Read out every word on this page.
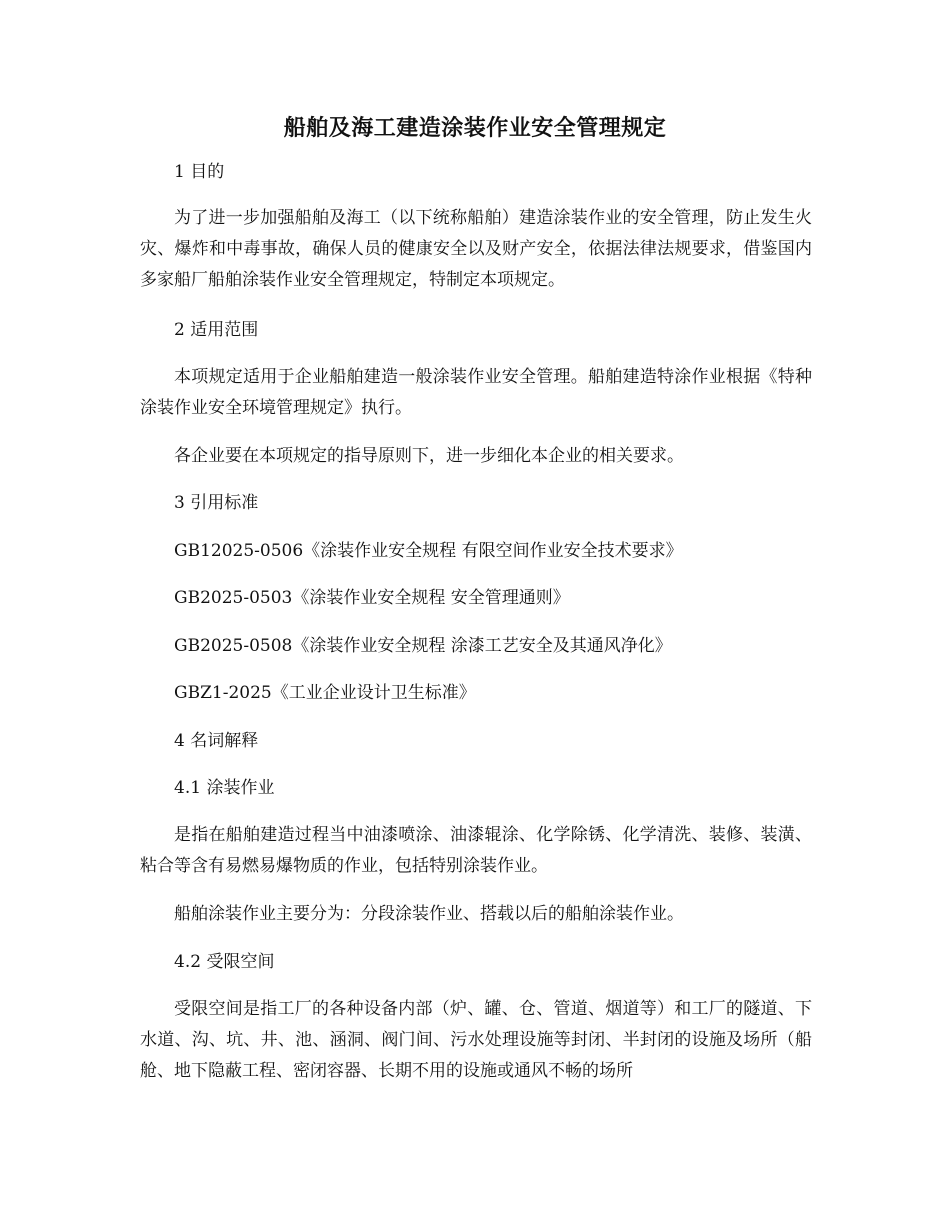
船舶及海工建造涂装作业安全管理规定

1 目的

为了进一步加强船舶及海工（以下统称船舶）建造涂装作业的安全管理，防止发生火灾、爆炸和中毒事故，确保人员的健康安全以及财产安全，依据法律法规要求，借鉴国内多家船厂船舶涂装作业安全管理规定，特制定本项规定。

2 适用范围

本项规定适用于企业船舶建造一般涂装作业安全管理。船舶建造特涂作业根据《特种涂装作业安全环境管理规定》执行。

各企业要在本项规定的指导原则下，进一步细化本企业的相关要求。

3 引用标准

GB12025-0506《涂装作业安全规程 有限空间作业安全技术要求》

GB2025-0503《涂装作业安全规程 安全管理通则》

GB2025-0508《涂装作业安全规程 涂漆工艺安全及其通风净化》

GBZ1-2025《工业企业设计卫生标准》

4 名词解释

4.1 涂装作业

是指在船舶建造过程当中油漆喷涂、油漆辊涂、化学除锈、化学清洗、装修、装潢、粘合等含有易燃易爆物质的作业，包括特别涂装作业。

船舶涂装作业主要分为：分段涂装作业、搭载以后的船舶涂装作业。

4.2 受限空间

受限空间是指工厂的各种设备内部（炉、罐、仓、管道、烟道等）和工厂的隧道、下水道、沟、坑、井、池、涵洞、阀门间、污水处理设施等封闭、半封闭的设施及场所（船舱、地下隐蔽工程、密闭容器、长期不用的设施或通风不畅的场所
